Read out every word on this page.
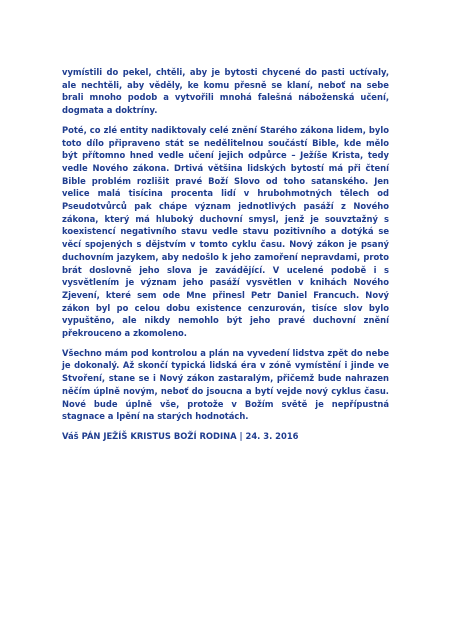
vymístili do pekel, chtěli, aby je bytosti chycené do pasti uctívaly, ale nechtěli, aby věděly, ke komu přesně se klaní, neboť na sebe brali mnoho podob a vytvořili mnohá falešná náboženská učení, dogmata a doktríny.

Poté, co zlé entity nadiktovaly celé znění Starého zákona lidem, bylo toto dílo připraveno stát se nedělitelnou součástí Bible, kde mělo být přítomno hned vedle učení jejich odpůrce – Ježíše Krista, tedy vedle Nového zákona. Drtivá většina lidských bytostí má při čtení Bible problém rozlišit pravé Boží Slovo od toho satanského. Jen velice malá tisícina procenta lidí v hrubohmotných tělech od Pseudotvůrců pak chápe význam jednotlivých pasáží z Nového zákona, který má hluboký duchovní smysl, jenž je souvztažný s koexistencí negativního stavu vedle stavu pozitivního a dotýká se věcí spojených s dějstvím v tomto cyklu času. Nový zákon je psaný duchovním jazykem, aby nedošlo k jeho zamoření nepravdami, proto brát doslovně jeho slova je zavádějící. V ucelené podobě i s vysvětlením je význam jeho pasáží vysvětlen v knihách Nového Zjevení, které sem ode Mne přinesl Petr Daniel Francuch. Nový zákon byl po celou dobu existence cenzurován, tisíce slov bylo vypuštěno, ale nikdy nemohlo být jeho pravé duchovní znění překrouceno a zkomoleno.

Všechno mám pod kontrolou a plán na vyvedení lidstva zpět do nebe je dokonalý. Až skončí typická lidská éra v zóně vymístění i jinde ve Stvoření, stane se i Nový zákon zastaralým, přičemž bude nahrazen něčím úplně novým, neboť do jsoucna a bytí vejde nový cyklus času. Nové bude úplně vše, protože v Božím světě je nepřípustná stagnace a lpění na starých hodnotách.

Váš PÁN JEŽÍŠ KRISTUS BOŽÍ RODINA | 24. 3. 2016
